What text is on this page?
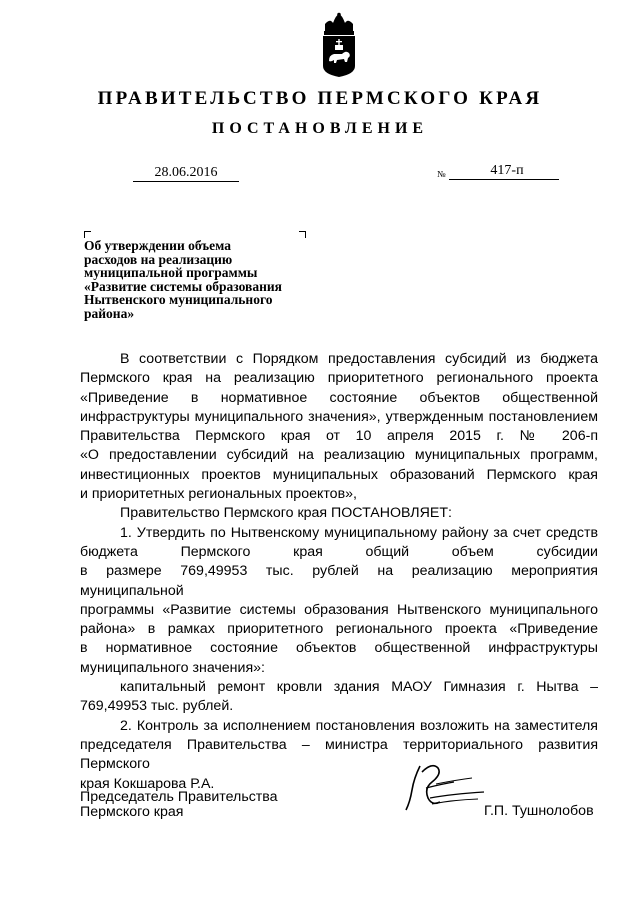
ПРАВИТЕЛЬСТВО ПЕРМСКОГО КРАЯ
ПОСТАНОВЛЕНИЕ
28.06.2016	№	417-п
Об утверждении объема
расходов на реализацию
муниципальной программы
«Развитие системы образования
Нытвенского муниципального
района»

В соответствии с Порядком предоставления субсидий из бюджета

Пермского края на реализацию приоритетного регионального проекта

«Приведение в нормативное состояние объектов общественной

инфраструктуры муниципального значения», утвержденным постановлением

Правительства Пермского края от 10 апреля 2015 г. № 206-п

«О предоставлении субсидий на реализацию муниципальных программ,

инвестиционных проектов муниципальных образований Пермского края

и приоритетных региональных проектов»,

Правительство Пермского края ПОСТАНОВЛЯЕТ:

1. Утвердить по Нытвенскому муниципальному району за счет средств

бюджета Пермского края общий объем субсидии

в размере 769,49953 тыс. рублей на реализацию мероприятия муниципальной

программы «Развитие системы образования Нытвенского муниципального

района» в рамках приоритетного регионального проекта «Приведение

в нормативное состояние объектов общественной инфраструктуры

муниципального значения»:

капитальный ремонт кровли здания МАОУ Гимназия г. Нытва –

769,49953 тыс. рублей.

2. Контроль за исполнением постановления возложить на заместителя

председателя Правительства – министра территориального развития Пермского

края Кокшарова Р.А.

Председатель Правительства
Пермского края	Г.П. Тушнолобов
